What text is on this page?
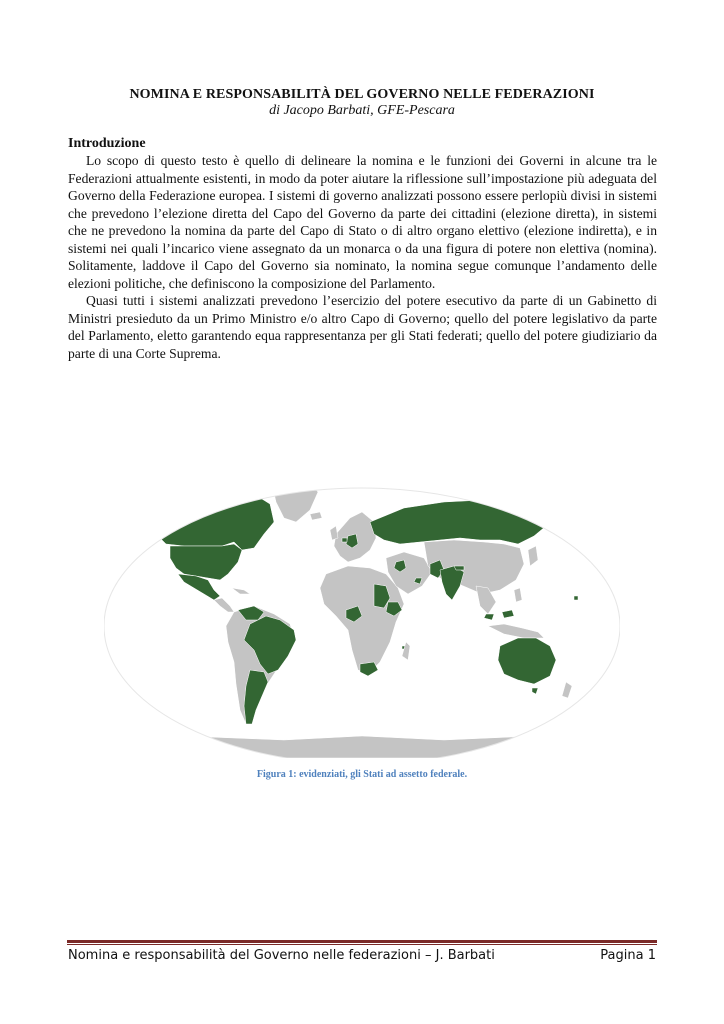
NOMINA E RESPONSABILITÀ DEL GOVERNO NELLE FEDERAZIONI
di Jacopo Barbati, GFE-Pescara
Introduzione

Lo scopo di questo testo è quello di delineare la nomina e le funzioni dei Governi in alcune tra le Federazioni attualmente esistenti, in modo da poter aiutare la riflessione sull’impostazione più adeguata del Governo della Federazione europea. I sistemi di governo analizzati possono essere perlopiù divisi in sistemi che prevedono l’elezione diretta del Capo del Governo da parte dei cittadini (elezione diretta), in sistemi che ne prevedono la nomina da parte del Capo di Stato o di altro organo elettivo (elezione indiretta), e in sistemi nei quali l’incarico viene assegnato da un monarca o da una figura di potere non elettiva (nomina). Solitamente, laddove il Capo del Governo sia nominato, la nomina segue comunque l’andamento delle elezioni politiche, che definiscono la composizione del Parlamento.

Quasi tutti i sistemi analizzati prevedono l’esercizio del potere esecutivo da parte di un Gabinetto di Ministri presieduto da un Primo Ministro e/o altro Capo di Governo; quello del potere legislativo da parte del Parlamento, eletto garantendo equa rappresentanza per gli Stati federati; quello del potere giudiziario da parte di una Corte Suprema.

Figura 1: evidenziati, gli Stati ad assetto federale.
Nomina e responsabilità del Governo nelle federazioni – J. Barbati	Pagina 1
